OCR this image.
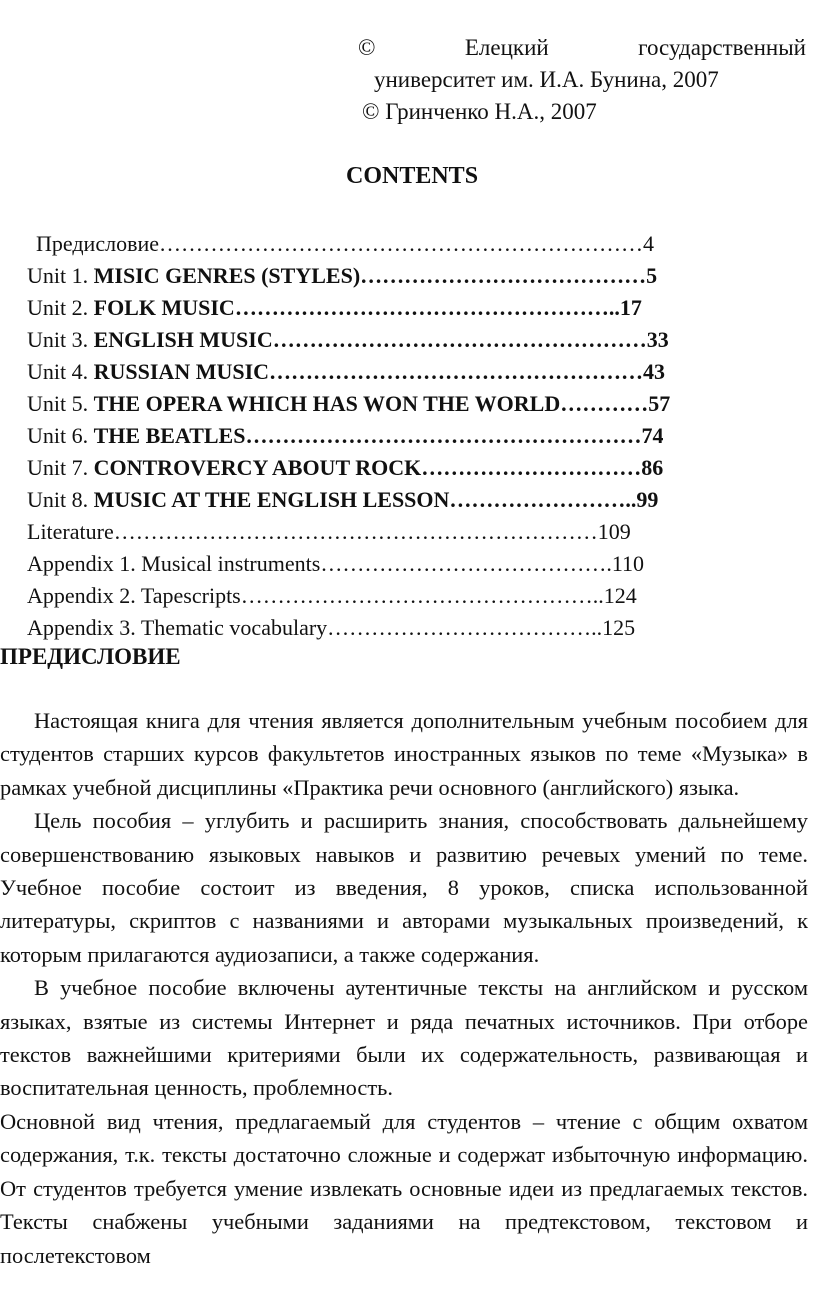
©	Елецкий	государственный
университет им. И.А. Бунина, 2007
© Гринченко Н.А., 2007
CONTENTS
Предисловие…………………………………………………………4
Unit 1. MISIC GENRES (STYLES)…………………………………5
Unit 2. FOLK MUSIC……………………………………………..17
Unit 3. ENGLISH MUSIC……………………………………………33
Unit 4. RUSSIAN MUSIC……………………………………………43
Unit 5. THE OPERA WHICH HAS WON THE WORLD…………57
Unit 6. THE BEATLES………………………………………………74
Unit 7. CONTROVERCY ABOUT ROCK…………………………86
Unit 8. MUSIC AT THE ENGLISH LESSON……………………..99
Literature…………………………………………………………109
Appendix 1. Musical instruments………………………………….110
Appendix 2. Tapescripts…………………………………………..124
Appendix 3. Thematic vocabulary………………………………..125
ПРЕДИСЛОВИЕ

Настоящая книга для чтения является дополнительным учебным пособием для студентов старших курсов факультетов иностранных языков по теме «Музыка» в рамках учебной дисциплины «Практика речи основного (английского) языка.

Цель пособия – углубить и расширить знания, способствовать дальнейшему совершенствованию языковых навыков и развитию речевых умений по теме. Учебное пособие состоит из введения, 8 уроков, списка использованной литературы, скриптов с названиями и авторами музыкальных произведений, к которым прилагаются аудиозаписи, а также содержания.

В учебное пособие включены аутентичные тексты на английском и русском языках, взятые из системы Интернет и ряда печатных источников. При отборе текстов важнейшими критериями были их содержательность, развивающая и воспитательная ценность, проблемность.

Основной вид чтения, предлагаемый для студентов – чтение с общим охватом содержания, т.к. тексты достаточно сложные и содержат избыточную информацию. От студентов требуется умение извлекать основные идеи из предлагаемых текстов. Тексты снабжены учебными заданиями на предтекстовом, текстовом и послетекстовом
